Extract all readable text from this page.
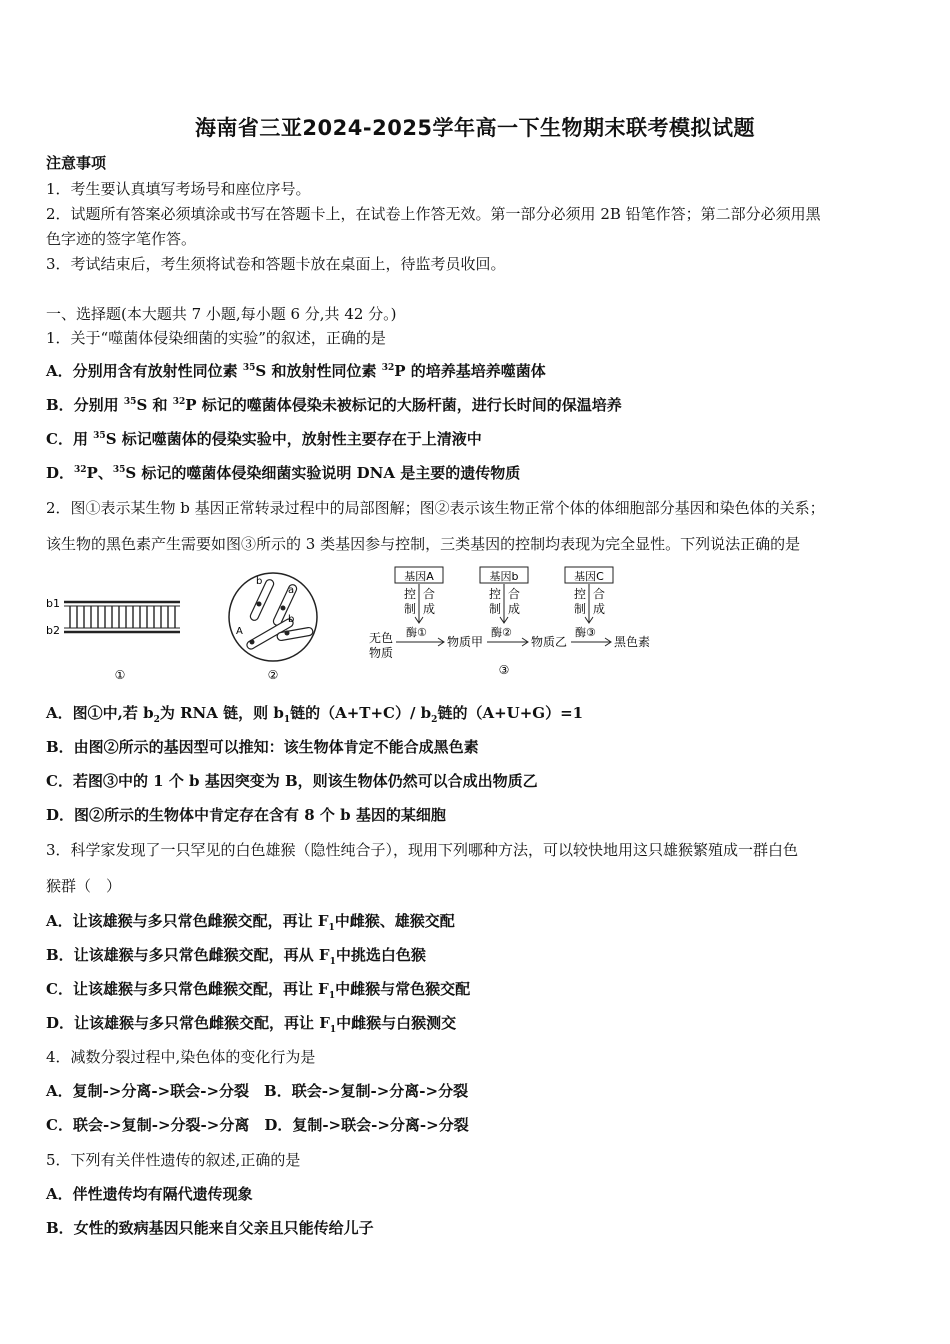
海南省三亚2024-2025学年高一下生物期末联考模拟试题
注意事项
1．考生要认真填写考场号和座位序号。
2．试题所有答案必须填涂或书写在答题卡上，在试卷上作答无效。第一部分必须用 2B 铅笔作答；第二部分必须用黑
色字迹的签字笔作答。
3．考试结束后，考生须将试卷和答题卡放在桌面上，待监考员收回。
一、选择题(本大题共 7 小题,每小题 6 分,共 42 分。)
1．关于“噬菌体侵染细菌的实验”的叙述，正确的是
A．分别用含有放射性同位素 $^{35}$S 和放射性同位素 $^{32}$P 的培养基培养噬菌体
B．分别用 $^{35}$S 和 $^{32}$P 标记的噬菌体侵染未被标记的大肠杆菌，进行长时间的保温培养
C．用 $^{35}$S 标记噬菌体的侵染实验中，放射性主要存在于上清液中
D．$^{32}$P、$^{35}$S 标记的噬菌体侵染细菌实验说明 DNA 是主要的遗传物质
2．图①表示某生物 b 基因正常转录过程中的局部图解；图②表示该生物正常个体的体细胞部分基因和染色体的关系；
该生物的黑色素产生需要如图③所示的 3 类基因参与控制，三类基因的控制均表现为完全显性。下列说法正确的是
b1
b2
①
b
a
A
b
②
基因A	基因b	基因C
控 合
制 成
控 合
制 成
控 合
制 成
酶①	酶②	酶③
无色
物质
物质甲	物质乙	黑色素
③
A．图①中,若 $b_2$为 RNA 链，则 $b_1$链的（A+T+C）/ $b_2$链的（A+U+G）=1
B．由图②所示的基因型可以推知：该生物体肯定不能合成黑色素
C．若图③中的 1 个 b 基因突变为 B，则该生物体仍然可以合成出物质乙
D．图②所示的生物体中肯定存在含有 8 个 b 基因的某细胞
3．科学家发现了一只罕见的白色雄猴（隐性纯合子），现用下列哪种方法，可以较快地用这只雄猴繁殖成一群白色
猴群（　）
A．让该雄猴与多只常色雌猴交配，再让 $F_1$中雌猴、雄猴交配
B．让该雄猴与多只常色雌猴交配，再从 $F_1$中挑选白色猴
C．让该雄猴与多只常色雌猴交配，再让 $F_1$中雌猴与常色猴交配
D．让该雄猴与多只常色雌猴交配，再让 $F_1$中雌猴与白猴测交
4．减数分裂过程中,染色体的变化行为是
A．复制->分离->联会->分裂　B．联会->复制->分离->分裂
C．联会->复制->分裂->分离　D．复制->联会->分离->分裂
5．下列有关伴性遗传的叙述,正确的是
A．伴性遗传均有隔代遗传现象
B．女性的致病基因只能来自父亲且只能传给儿子
